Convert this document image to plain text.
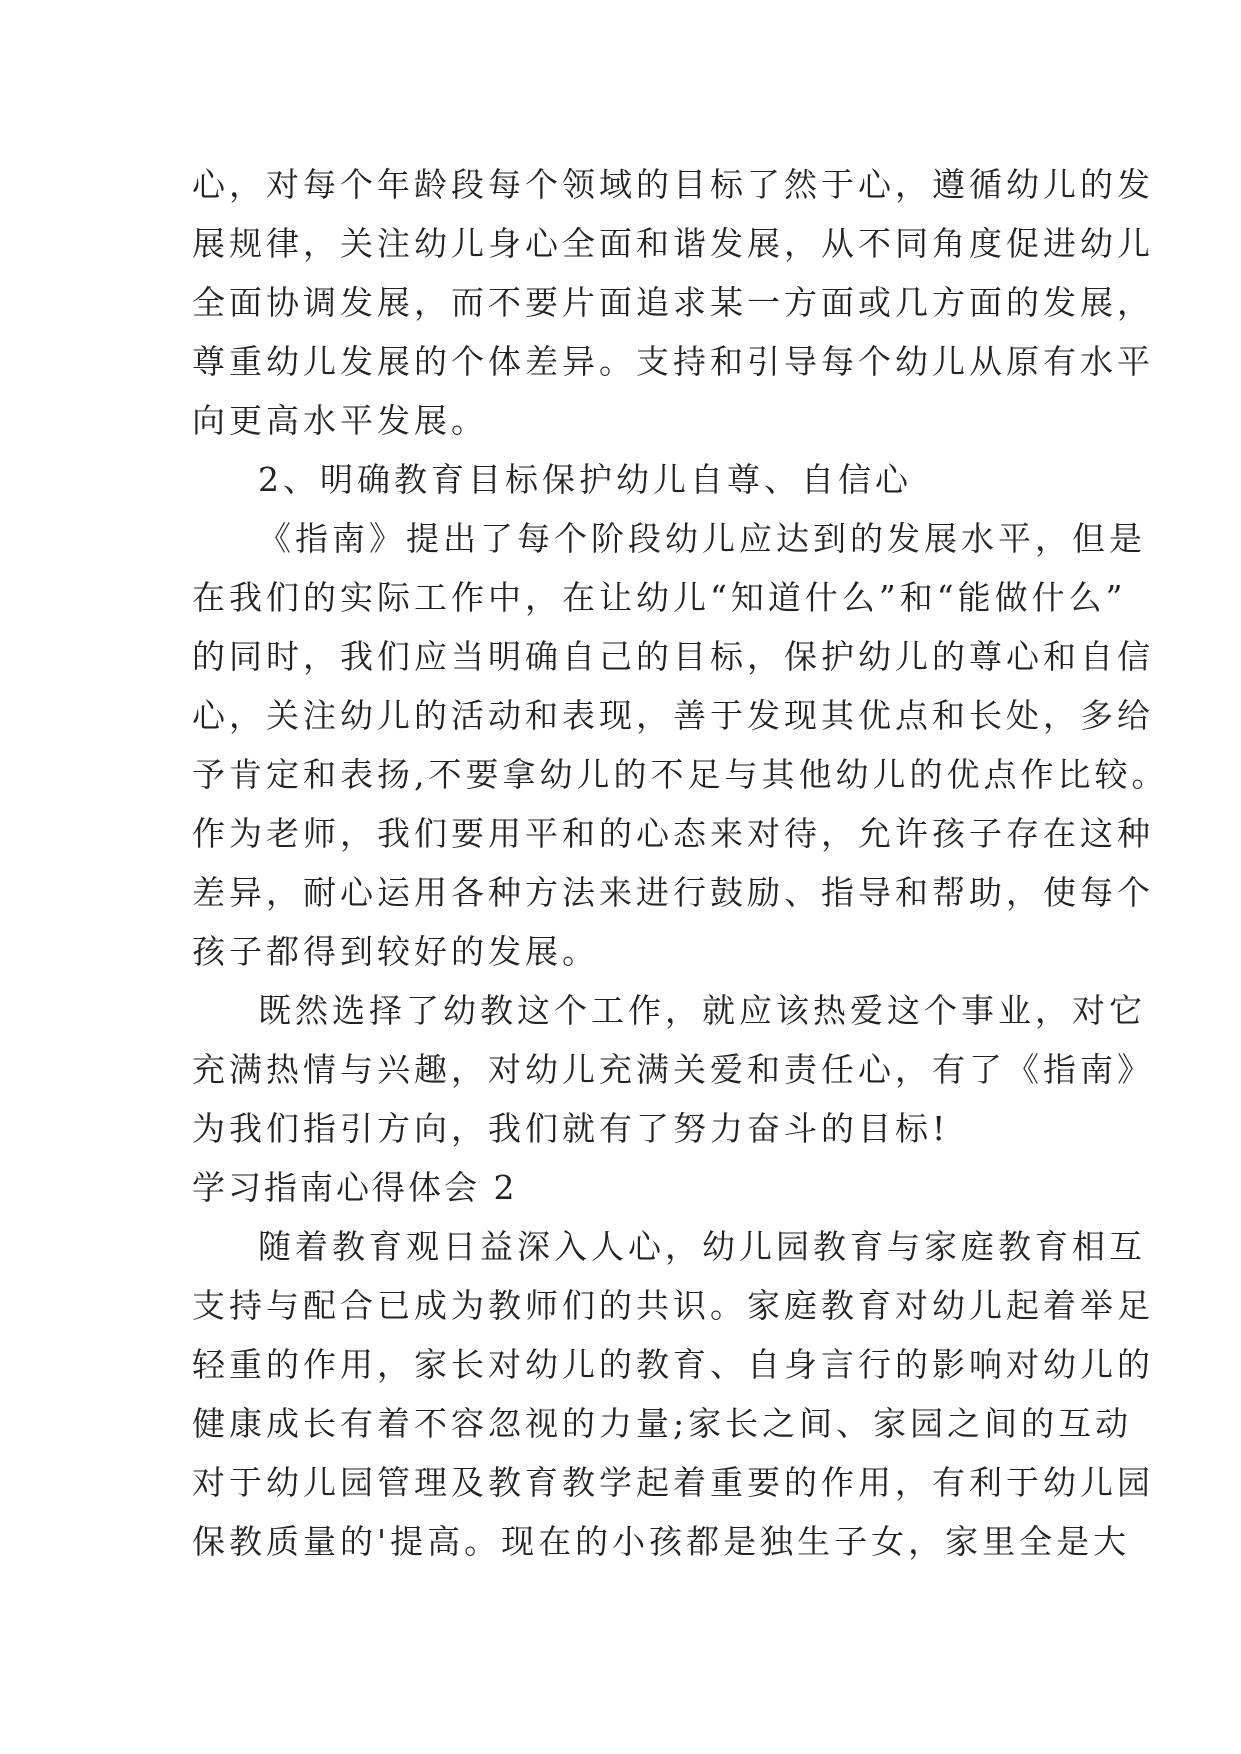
心，对每个年龄段每个领域的目标了然于心，遵循幼儿的发
展规律，关注幼儿身心全面和谐发展，从不同角度促进幼儿
全面协调发展，而不要片面追求某一方面或几方面的发展，
尊重幼儿发展的个体差异。支持和引导每个幼儿从原有水平
向更高水平发展。
2、明确教育目标保护幼儿自尊、自信心
《指南》提出了每个阶段幼儿应达到的发展水平，但是
在我们的实际工作中，在让幼儿“知道什么”和“能做什么”
的同时，我们应当明确自己的目标，保护幼儿的尊心和自信
心，关注幼儿的活动和表现，善于发现其优点和长处，多给
予肯定和表扬,不要拿幼儿的不足与其他幼儿的优点作比较。
作为老师，我们要用平和的心态来对待，允许孩子存在这种
差异，耐心运用各种方法来进行鼓励、指导和帮助，使每个
孩子都得到较好的发展。
既然选择了幼教这个工作，就应该热爱这个事业，对它
充满热情与兴趣，对幼儿充满关爱和责任心，有了《指南》
为我们指引方向，我们就有了努力奋斗的目标!
学习指南心得体会 2
随着教育观日益深入人心，幼儿园教育与家庭教育相互
支持与配合已成为教师们的共识。家庭教育对幼儿起着举足
轻重的作用，家长对幼儿的教育、自身言行的影响对幼儿的
健康成长有着不容忽视的力量;家长之间、家园之间的互动
对于幼儿园管理及教育教学起着重要的作用，有利于幼儿园
保教质量的'提高。现在的小孩都是独生子女，家里全是大
